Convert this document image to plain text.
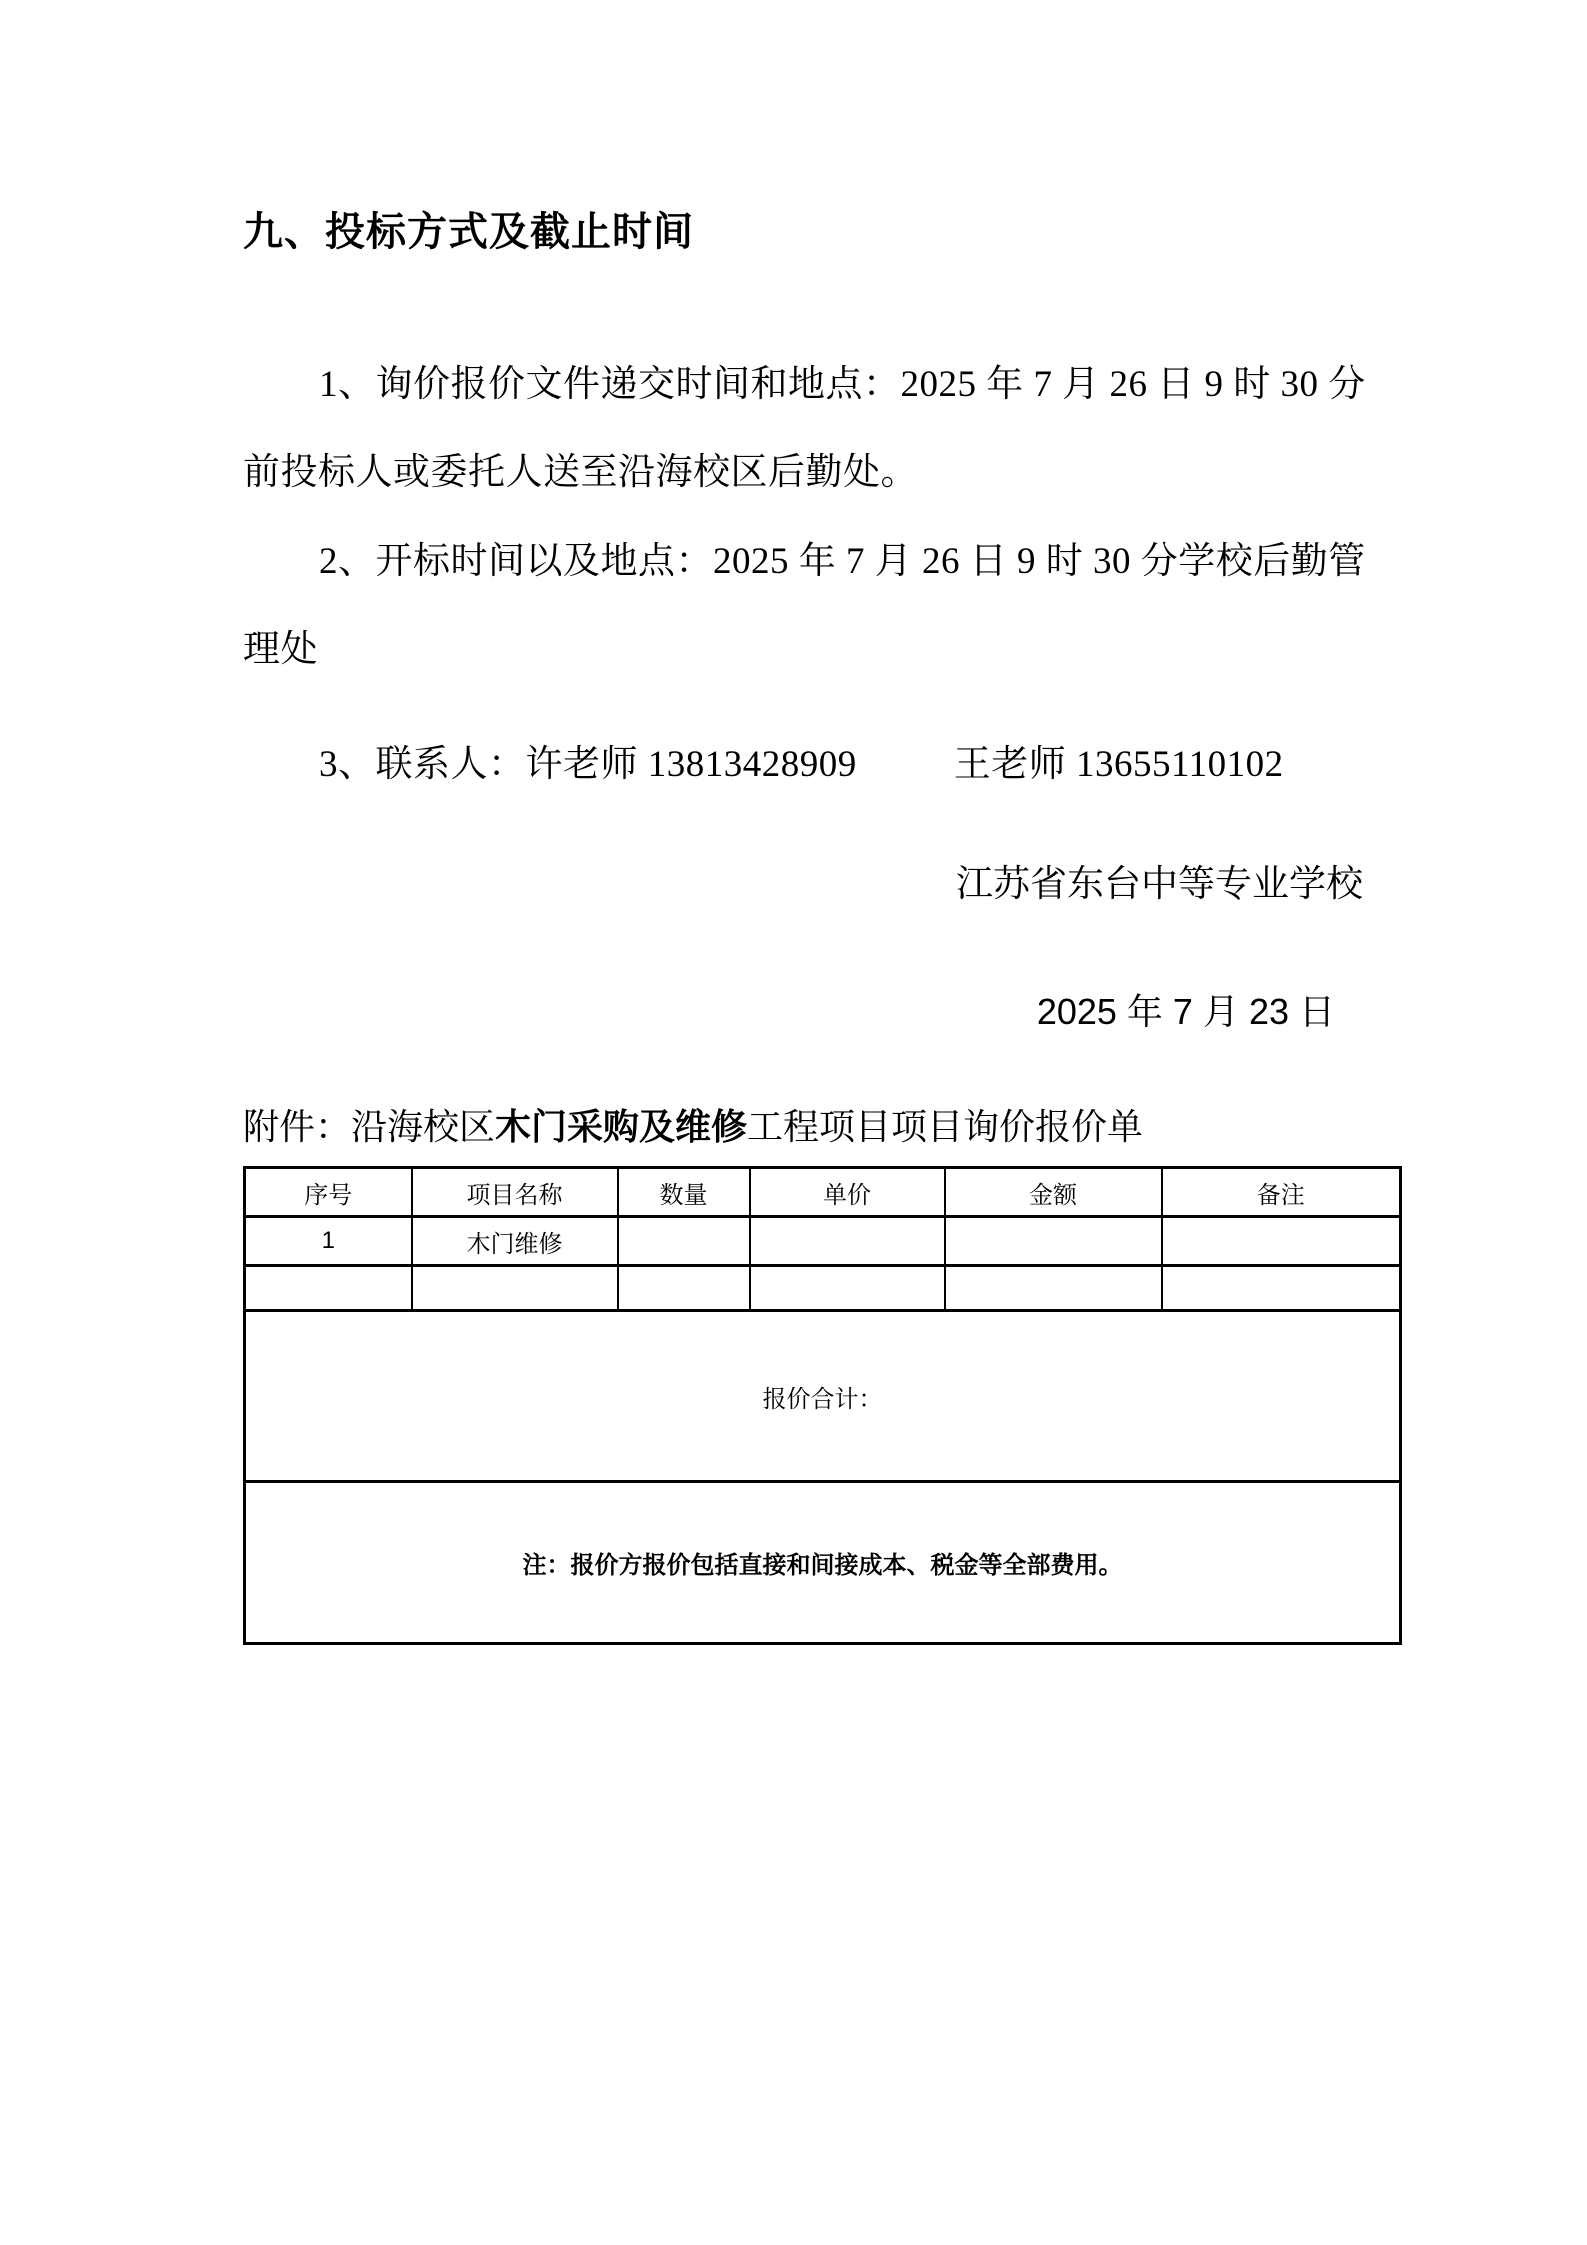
九、投标方式及截止时间
1、询价报价文件递交时间和地点：2025 年 7 月 26 日 9 时 30 分
前投标人或委托人送至沿海校区后勤处。
2、开标时间以及地点：2025 年 7 月 26 日 9 时 30 分学校后勤管
理处
3、联系人：许老师 13813428909	王老师 13655110102
江苏省东台中等专业学校
2025 年 7 月 23 日
附件：沿海校区木门采购及维修工程项目项目询价报价单
序号	项目名称	数量	单价	金额	备注
1	木门维修				

报价合计：					
注：报价方报价包括直接和间接成本、税金等全部费用。					
